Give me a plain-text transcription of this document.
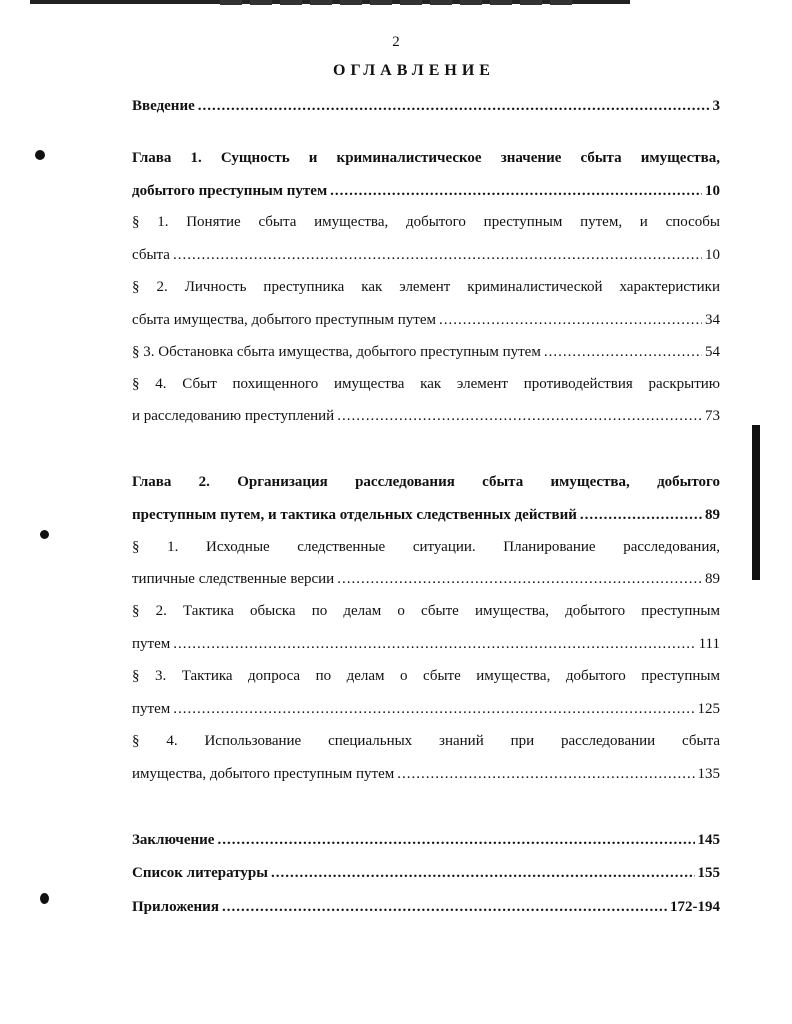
2
ОГЛАВЛЕНИЕ
Введение .....	3
Глава 1. Сущность и криминалистическое значение сбыта имущества,
добытого преступным путем .....	10
§ 1. Понятие сбыта имущества, добытого преступным путем, и способы
сбыта .....	10
§ 2. Личность преступника как элемент криминалистической характеристики
сбыта имущества, добытого преступным путем .....	34
§ 3. Обстановка сбыта имущества, добытого преступным путем .....	54
§ 4. Сбыт похищенного имущества как элемент противодействия раскрытию
и расследованию преступлений .....	73
Глава 2. Организация расследования сбыта имущества, добытого
преступным путем, и тактика отдельных следственных действий .....	89
§ 1. Исходные следственные ситуации. Планирование расследования,
типичные следственные версии .....	89
§ 2. Тактика обыска по делам о сбыте имущества, добытого преступным
путем .....	111
§ 3. Тактика допроса по делам о сбыте имущества, добытого преступным
путем .....	125
§ 4. Использование специальных знаний при расследовании сбыта
имущества, добытого преступным путем .....	135
Заключение .....	145
Список литературы .....	155
Приложения .....	172-194
